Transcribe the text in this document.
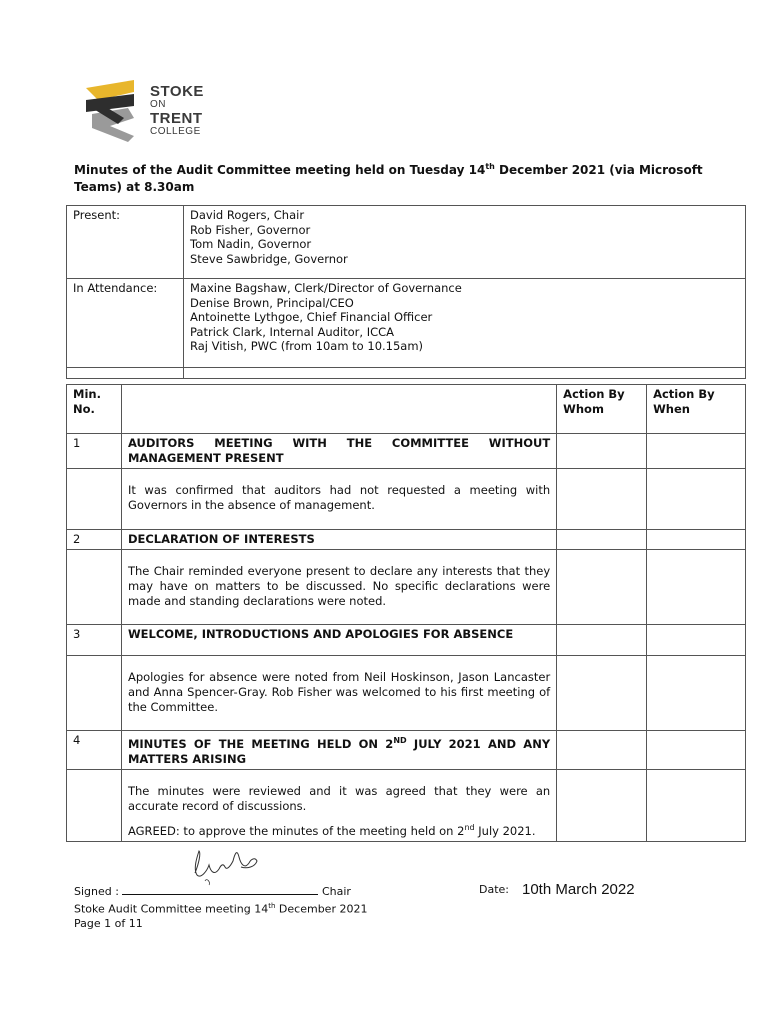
STOKE
ON
TRENT
COLLEGE
Minutes of the Audit Committee meeting held on Tuesday 14th December 2021 (via Microsoft Teams) at 8.30am
Present:	David Rogers, Chair
Rob Fisher, Governor
Tom Nadin, Governor
Steve Sawbridge, Governor

In Attendance:	Maxine Bagshaw, Clerk/Director of Governance
Denise Brown, Principal/CEO
Antoinette Lythgoe, Chief Financial Officer
Patrick Clark, Internal Auditor, ICCA
Raj Vitish, PWC (from 10am to 10.15am)

Min. No.		Action By Whom	Action By When
1	AUDITORS MEETING WITH THE COMMITTEE WITHOUT MANAGEMENT PRESENT		
	It was confirmed that auditors had not requested a meeting with Governors in the absence of management.		
2	DECLARATION OF INTERESTS		
	The Chair reminded everyone present to declare any interests that they may have on matters to be discussed. No specific declarations were made and standing declarations were noted.		
3	WELCOME, INTRODUCTIONS AND APOLOGIES FOR ABSENCE		
	Apologies for absence were noted from Neil Hoskinson, Jason Lancaster and Anna Spencer-Gray. Rob Fisher was welcomed to his first meeting of the Committee.		
4	MINUTES OF THE MEETING HELD ON 2ND JULY 2021 AND ANY MATTERS ARISING		

	The minutes were reviewed and it was agreed that they were an accurate record of discussions.

AGREED: to approve the minutes of the meeting held on 2nd July 2021.		

Signed :	Chair
Stoke Audit Committee meeting 14th December 2021
Page 1 of 11
Date: 10th March 2022
